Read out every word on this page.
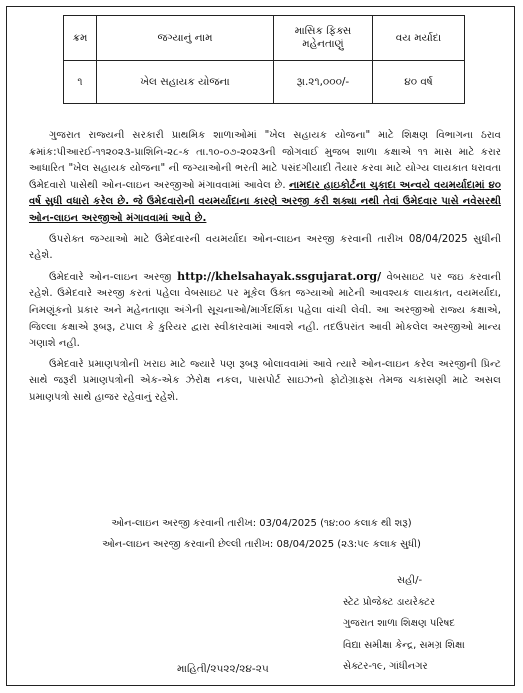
ક્રમ	જગ્યાનું નામ	માસિક ફિક્સ મહેનતાણું	વય મર્યાદા
૧	ખેલ સહાયક યોજના	રૂા.૨૧,૦૦૦/-	૪૦ વર્ષ

ગુજરાત રાજ્યની સરકારી પ્રાથમિક શાળાઓમાં "ખેલ સહાયક યોજના" માટે શિક્ષણ વિભાગના ઠરાવ ક્રમાંક:પીઆરઈ-૧૧૨૦૨૩-પ્રાશિનિ-૨૮-ક તા.૧૦-૦૭-૨૦૨૩ની જોગવાઈ મુજબ શાળા કક્ષાએ ૧૧ માસ માટે કરાર આધારિત "ખેલ સહાયક યોજના" ની જગ્યાઓની ભરતી માટે પસંદગીયાદી તૈયાર કરવા માટે યોગ્ય લાયકાત ધરાવતા ઉમેદવારો પાસેથી ઓન-લાઇન અરજીઓ મંગાવવામાં આવેલ છે. નામદાર હાઇકોર્ટના ચુકાદા અન્વયે વયમર્યાદામાં ૪૦ વર્ષ સુધી વધારો કરેલ છે. જે ઉમેદવારોની વયમર્યાદાના કારણે અરજી કરી શક્યા નથી તેવાં ઉમેદવાર પાસે નવેસરથી ઓન-લાઇન અરજીઓ મંગાવવામાં આવે છે.

ઉપરોક્ત જગ્યાઓ માટે ઉમેદવારની વયમર્યાદા ઓન-લાઇન અરજી કરવાની તારીખ 08/04/2025 સુધીની રહેશે.

ઉમેદવારે ઓન-લાઇન અરજી http://khelsahayak.ssgujarat.org/ વેબસાઇટ પર જઇ કરવાની રહેશે. ઉમેદવારે અરજી કરતાં પહેલા વેબસાઇટ પર મૂકેલ ઉક્ત જગ્યાઓ માટેની આવશ્યક લાયકાત, વયમર્યાદા, નિમણૂંકનો પ્રકાર અને મહેનતાણા અંગેની સૂચનાઓ/માર્ગદર્શિકા પહેલા વાંચી લેવી. આ અરજીઓ રાજ્ય કક્ષાએ, જિલ્લા કક્ષાએ રૂબરૂ, ટપાલ કે કુરિયર દ્વારા સ્વીકારવામાં આવશે નહી. તદઉપરાંત આવી મોકલેલ અરજીઓ માન્ય ગણાશે નહી.

ઉમેદવારે પ્રમાણપત્રોની ખરાઇ માટે જ્યારે પણ રૂબરૂ બોલાવવામાં આવે ત્યારે ઓન-લાઇન કરેલ અરજીની પ્રિન્ટ સાથે જરૂરી પ્રમાણપત્રોની એક-એક ઝેરોક્ષ નકલ, પાસપોર્ટ સાઇઝનો ફોટોગ્રાફ્સ તેમજ ચકાસણી માટે અસલ પ્રમાણપત્રો સાથે હાજર રહેવાનું રહેશે.

ઓન-લાઇન અરજી કરવાની તારીખ: 03/04/2025 (૧૪:૦૦ કલાક થી શરૂ)
ઓન-લાઇન અરજી કરવાની છેલ્લી તારીખ: 08/04/2025 (૨૩:૫૯ કલાક સુધી)
સહી/-
સ્ટેટ પ્રોજેક્ટ ડાયરેક્ટર
ગુજરાત શાળા શિક્ષણ પરિષદ
વિદ્યા સમીક્ષા કેન્દ્ર, સમગ્ર શિક્ષા
સેક્ટર-૧૯, ગાંધીનગર
માહિતી/૨૫૨૨/૨૪-૨૫
